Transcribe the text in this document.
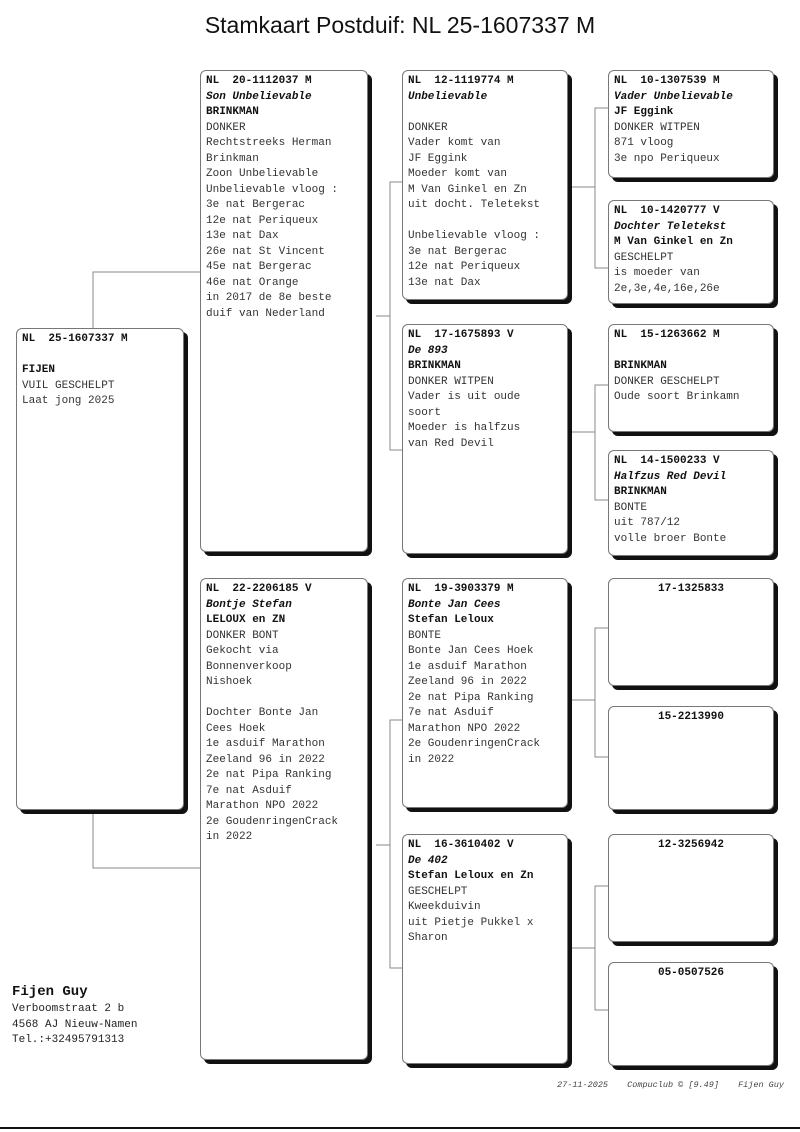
Stamkaart Postduif: NL 25-1607337 M
NL  25-1607337 M
FIJEN
VUIL GESCHELPT
Laat jong 2025
NL  20-1112037 M
Son Unbelievable
BRINKMAN
DONKER
Rechtstreeks Herman
Brinkman
Zoon Unbelievable
Unbelievable vloog :
3e nat Bergerac
12e nat Periqueux
13e nat Dax
26e nat St Vincent
45e nat Bergerac
46e nat Orange
in 2017 de 8e beste
duif van Nederland
NL  22-2206185 V
Bontje Stefan
LELOUX en ZN
DONKER BONT
Gekocht via
Bonnenverkoop
Nishoek

Dochter Bonte Jan
Cees Hoek
1e asduif Marathon
Zeeland 96 in 2022
2e nat Pipa Ranking
7e nat Asduif
Marathon NPO 2022
2e GoudenringenCrack
in 2022
NL  12-1119774 M
Unbelievable
DONKER
Vader komt van
JF Eggink
Moeder komt van
M Van Ginkel en Zn
uit docht. Teletekst

Unbelievable vloog :
3e nat Bergerac
12e nat Periqueux
13e nat Dax
NL  17-1675893 V
De 893
BRINKMAN
DONKER WITPEN
Vader is uit oude
soort
Moeder is halfzus
van Red Devil
NL  19-3903379 M
Bonte Jan Cees
Stefan Leloux
BONTE
Bonte Jan Cees Hoek
1e asduif Marathon
Zeeland 96 in 2022
2e nat Pipa Ranking
7e nat Asduif
Marathon NPO 2022
2e GoudenringenCrack
in 2022
NL  16-3610402 V
De 402
Stefan Leloux en Zn
GESCHELPT
Kweekduivin
uit Pietje Pukkel x
Sharon
NL  10-1307539 M
Vader Unbelievable
JF Eggink
DONKER WITPEN
871 vloog
3e npo Periqueux
NL  10-1420777 V
Dochter Teletekst
M Van Ginkel en Zn
GESCHELPT
is moeder van
2e,3e,4e,16e,26e
NL  15-1263662 M
BRINKMAN
DONKER GESCHELPT
Oude soort Brinkamn
NL  14-1500233 V
Halfzus Red Devil
BRINKMAN
BONTE
uit 787/12
volle broer Bonte
17-1325833
15-2213990
12-3256942
05-0507526
Fijen Guy
Verboomstraat 2 b
4568 AJ Nieuw-Namen
Tel.:+32495791313
27-11-2025 Compuclub © [9.49] Fijen Guy
